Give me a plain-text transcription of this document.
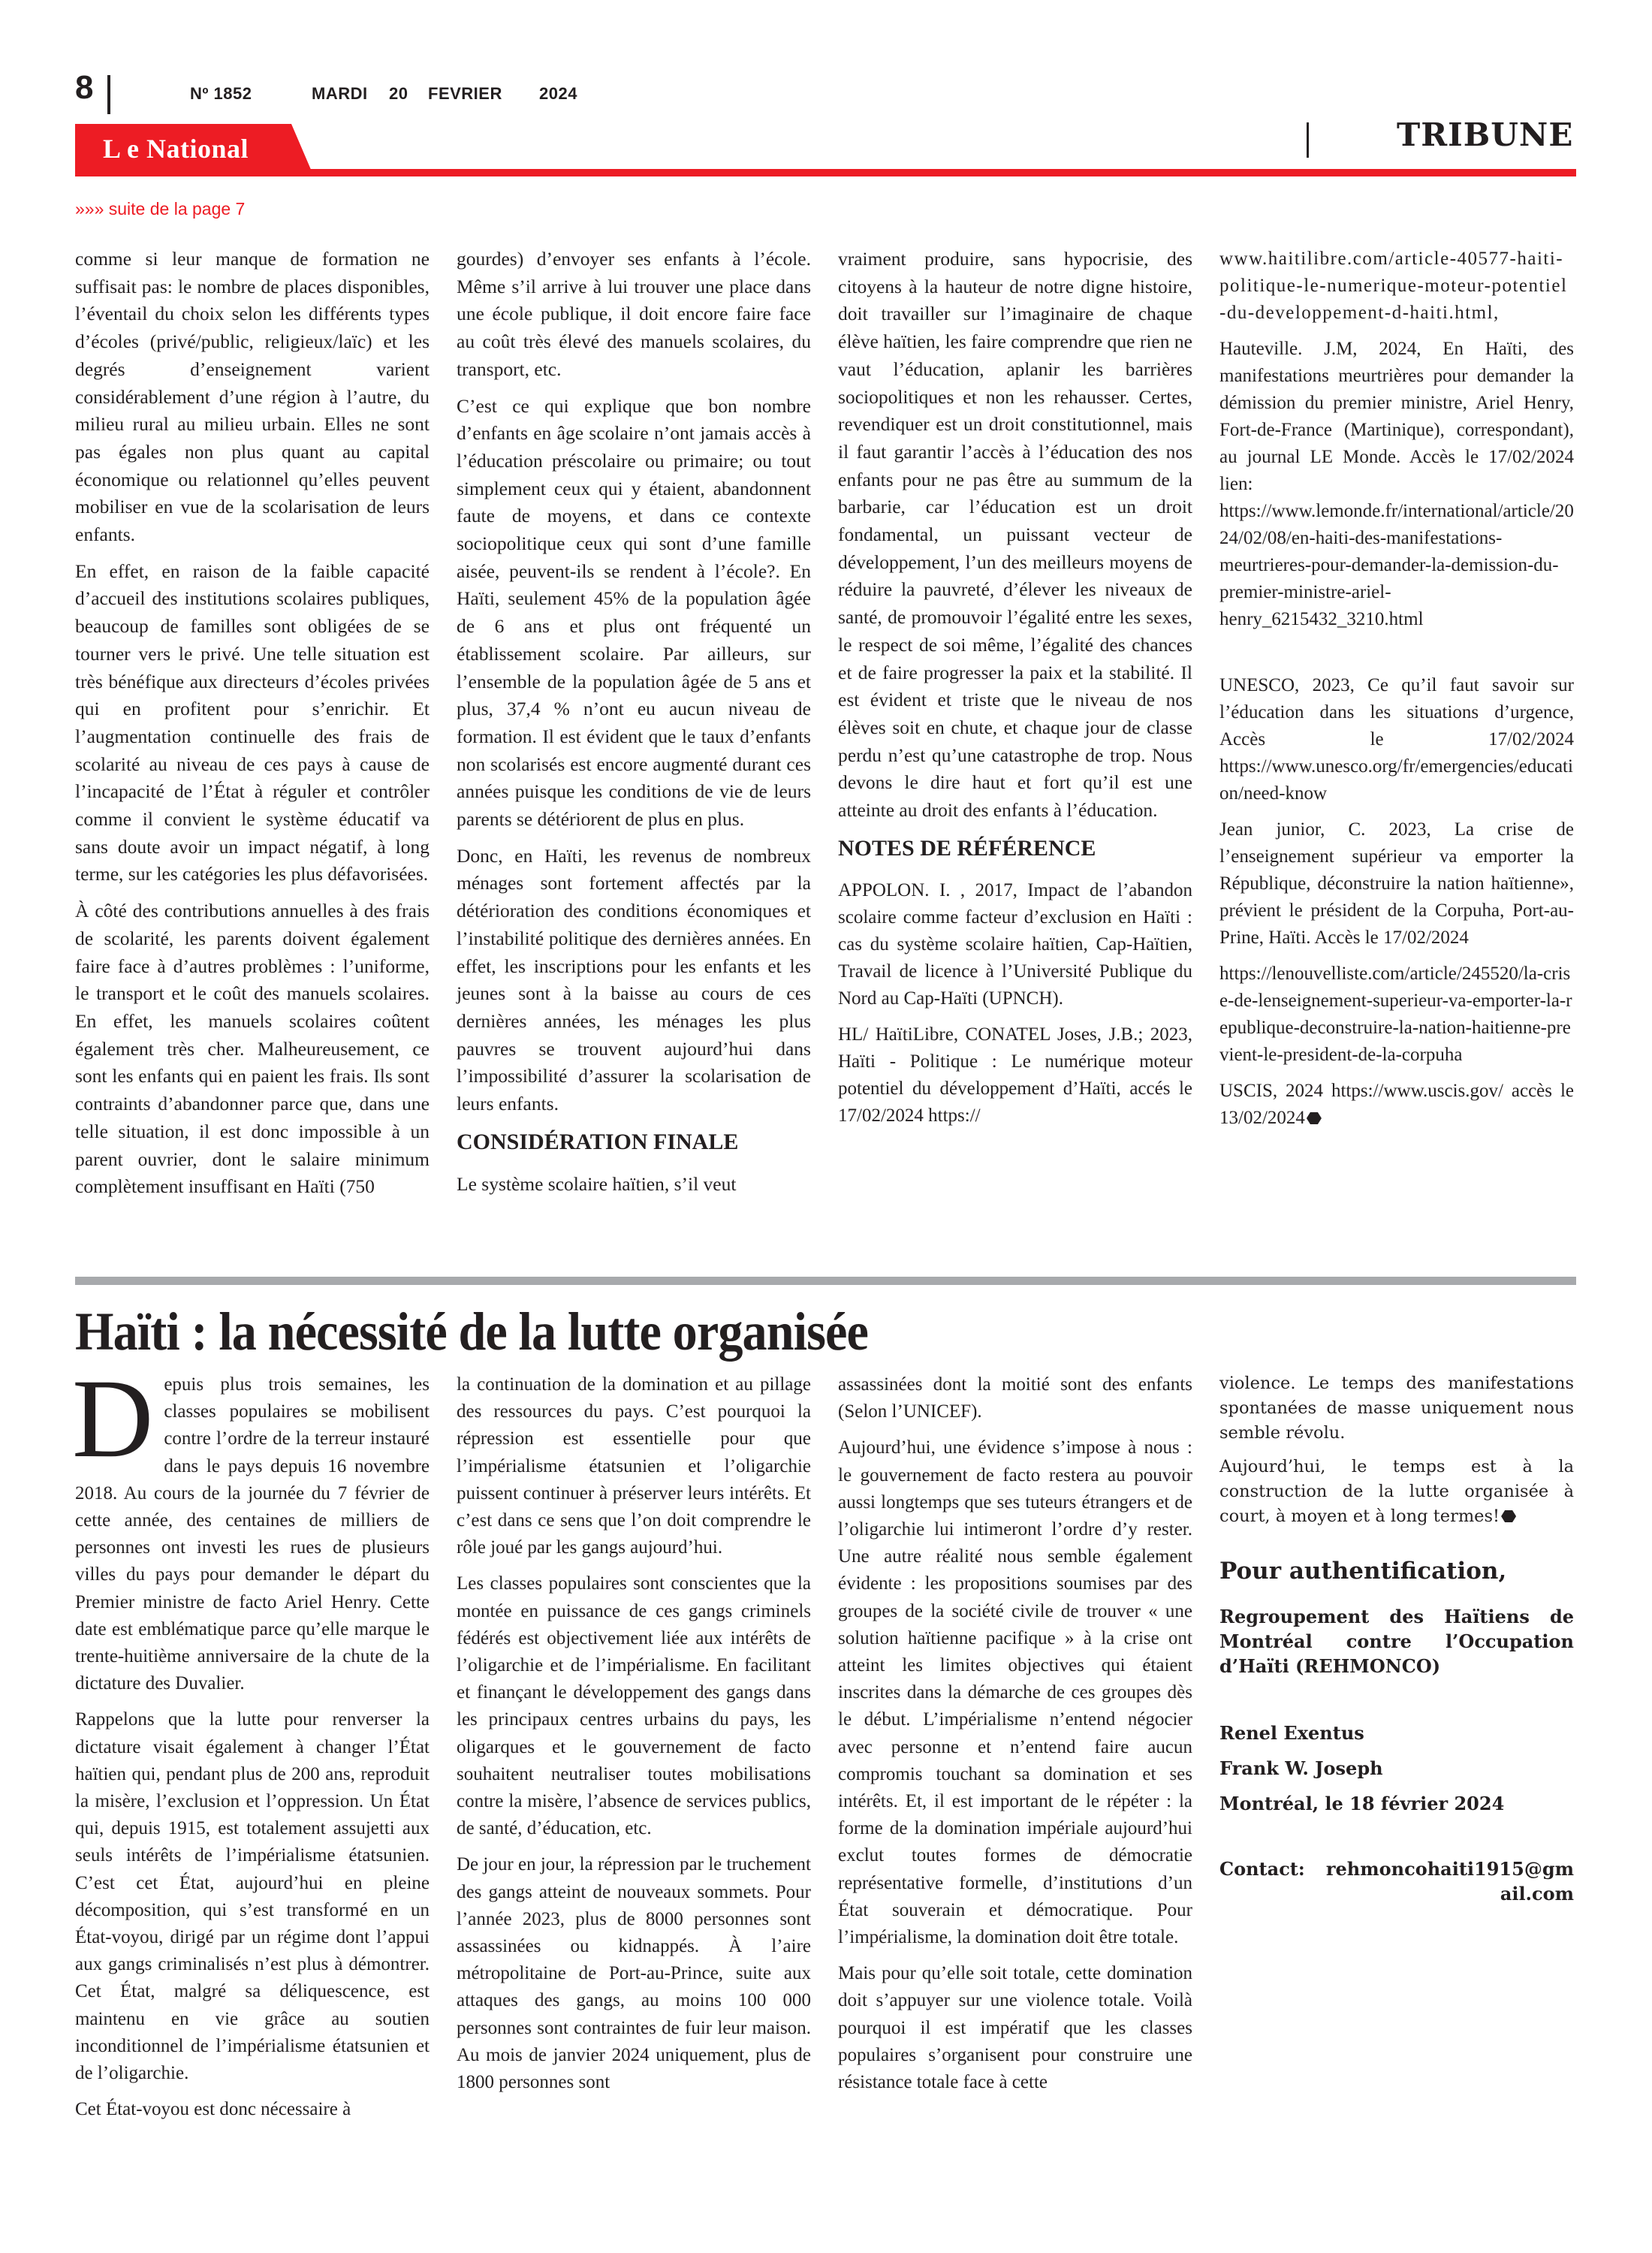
8	Nº 1852	MARDI 20 FEVRIER 2024
L e National	TRIBUNE
»»» suite de la page 7

comme si leur manque de formation ne suffisait pas: le nombre de places disponibles, l’éventail du choix selon les différents types d’écoles (privé/public, religieux/laïc) et les degrés d’enseignement varient considérablement d’une région à l’autre, du milieu rural au milieu urbain. Elles ne sont pas égales non plus quant au capital économique ou relationnel qu’elles peuvent mobiliser en vue de la scolarisation de leurs enfants.

En effet, en raison de la faible capacité d’accueil des institutions scolaires publiques, beaucoup de familles sont obligées de se tourner vers le privé. Une telle situation est très bénéfique aux directeurs d’écoles privées qui en profitent pour s’enrichir. Et l’augmentation continuelle des frais de scolarité au niveau de ces pays à cause de l’incapacité de l’État à réguler et contrôler comme il convient le système éducatif va sans doute avoir un impact négatif, à long terme, sur les catégories les plus défavorisées.

À côté des contributions annuelles à des frais de scolarité, les parents doivent également faire face à d’autres problèmes : l’uniforme, le transport et le coût des manuels scolaires. En effet, les manuels scolaires coûtent également très cher. Malheureusement, ce sont les enfants qui en paient les frais. Ils sont contraints d’abandonner parce que, dans une telle situation, il est donc impossible à un parent ouvrier, dont le salaire minimum complètement insuffisant en Haïti (750

gourdes) d’envoyer ses enfants à l’école. Même s’il arrive à lui trouver une place dans une école publique, il doit encore faire face au coût très élevé des manuels scolaires, du transport, etc.

C’est ce qui explique que bon nombre d’enfants en âge scolaire n’ont jamais accès à l’éducation préscolaire ou primaire; ou tout simplement ceux qui y étaient, abandonnent faute de moyens, et dans ce contexte sociopolitique ceux qui sont d’une famille aisée, peuvent-ils se rendent à l’école?. En Haïti, seulement 45% de la population âgée de 6 ans et plus ont fréquenté un établissement scolaire. Par ailleurs, sur l’ensemble de la population âgée de 5 ans et plus, 37,4 % n’ont eu aucun niveau de formation. Il est évident que le taux d’enfants non scolarisés est encore augmenté durant ces années puisque les conditions de vie de leurs parents se détériorent de plus en plus.

Donc, en Haïti, les revenus de nombreux ménages sont fortement affectés par la détérioration des conditions économiques et l’instabilité politique des dernières années. En effet, les inscriptions pour les enfants et les jeunes sont à la baisse au cours de ces dernières années, les ménages les plus pauvres se trouvent aujourd’hui dans l’impossibilité d’assurer la scolarisation de leurs enfants.

CONSIDÉRATION FINALE

Le système scolaire haïtien, s’il veut

vraiment produire, sans hypocrisie, des citoyens à la hauteur de notre digne histoire, doit travailler sur l’imaginaire de chaque élève haïtien, les faire comprendre que rien ne vaut l’éducation, aplanir les barrières sociopolitiques et non les rehausser. Certes, revendiquer est un droit constitutionnel, mais il faut garantir l’accès à l’éducation des nos enfants pour ne pas être au summum de la barbarie, car l’éducation est un droit fondamental, un puissant vecteur de développement, l’un des meilleurs moyens de réduire la pauvreté, d’élever les niveaux de santé, de promouvoir l’égalité entre les sexes, le respect de soi même, l’égalité des chances et de faire progresser la paix et la stabilité. Il est évident et triste que le niveau de nos élèves soit en chute, et chaque jour de classe perdu n’est qu’une catastrophe de trop. Nous devons le dire haut et fort qu’il est une atteinte au droit des enfants à l’éducation.

NOTES DE RÉFÉRENCE

APPOLON. I. , 2017, Impact de l’abandon scolaire comme facteur d’exclusion en Haïti : cas du système scolaire haïtien, Cap-Haïtien, Travail de licence à l’Université Publique du Nord au Cap-Haïti (UPNCH).

HL/ HaïtiLibre, CONATEL Joses, J.B.; 2023, Haïti - Politique : Le numérique moteur potentiel du développement d’Haïti, accés le 17/02/2024 https://

www.haitilibre.com/article-40577-haiti-politique-le-numerique-moteur-potentiel-du-developpement-d-haiti.html,

Hauteville. J.M, 2024, En Haïti, des manifestations meurtrières pour demander la démission du premier ministre, Ariel Henry, Fort-de-France (Martinique), correspondant), au journal LE Monde. Accès le 17/02/2024 lien: https://www.lemonde.fr/international/article/2024/02/08/en-haiti-des-manifestations-meurtrieres-pour-demander-la-demission-du-premier-ministre-ariel-henry_6215432_3210.html

UNESCO, 2023, Ce qu’il faut savoir sur l’éducation dans les situations d’urgence, Accès le 17/02/2024 https://www.unesco.org/fr/emergencies/education/need-know

Jean junior, C. 2023, La crise de l’enseignement supérieur va emporter la République, déconstruire la nation haïtienne», prévient le président de la Corpuha, Port-au-Prine, Haïti. Accès le 17/02/2024

https://lenouvelliste.com/article/245520/la-crise-de-lenseignement-superieur-va-emporter-la-republique-deconstruire-la-nation-haitienne-previent-le-president-de-la-corpuha

USCIS, 2024 https://www.uscis.gov/ accès le 13/02/2024

Haïti : la nécessité de la lutte organisée

Depuis plus trois semaines, les classes populaires se mobilisent contre l’ordre de la terreur instauré dans le pays depuis 16 novembre 2018. Au cours de la journée du 7 février de cette année, des centaines de milliers de personnes ont investi les rues de plusieurs villes du pays pour demander le départ du Premier ministre de facto Ariel Henry. Cette date est emblématique parce qu’elle marque le trente-huitième anniversaire de la chute de la dictature des Duvalier.

Rappelons que la lutte pour renverser la dictature visait également à changer l’État haïtien qui, pendant plus de 200 ans, reproduit la misère, l’exclusion et l’oppression. Un État qui, depuis 1915, est totalement assujetti aux seuls intérêts de l’impérialisme étatsunien. C’est cet État, aujourd’hui en pleine décomposition, qui s’est transformé en un État-voyou, dirigé par un régime dont l’appui aux gangs criminalisés n’est plus à démontrer. Cet État, malgré sa déliquescence, est maintenu en vie grâce au soutien inconditionnel de l’impérialisme étatsunien et de l’oligarchie.

Cet État-voyou est donc nécessaire à

la continuation de la domination et au pillage des ressources du pays. C’est pourquoi la répression est essentielle pour que l’impérialisme étatsunien et l’oligarchie puissent continuer à préserver leurs intérêts. Et c’est dans ce sens que l’on doit comprendre le rôle joué par les gangs aujourd’hui.

Les classes populaires sont conscientes que la montée en puissance de ces gangs criminels fédérés est objectivement liée aux intérêts de l’oligarchie et de l’impérialisme. En facilitant et finançant le développement des gangs dans les principaux centres urbains du pays, les oligarques et le gouvernement de facto souhaitent neutraliser toutes mobilisations contre la misère, l’absence de services publics, de santé, d’éducation, etc.

De jour en jour, la répression par le truchement des gangs atteint de nouveaux sommets. Pour l’année 2023, plus de 8000 personnes sont assassinées ou kidnappés. À l’aire métropolitaine de Port-au-Prince, suite aux attaques des gangs, au moins 100 000 personnes sont contraintes de fuir leur maison. Au mois de janvier 2024 uniquement, plus de 1800 personnes sont

assassinées dont la moitié sont des enfants (Selon l’UNICEF).

Aujourd’hui, une évidence s’impose à nous : le gouvernement de facto restera au pouvoir aussi longtemps que ses tuteurs étrangers et de l’oligarchie lui intimeront l’ordre d’y rester. Une autre réalité nous semble également évidente : les propositions soumises par des groupes de la société civile de trouver « une solution haïtienne pacifique » à la crise ont atteint les limites objectives qui étaient inscrites dans la démarche de ces groupes dès le début. L’impérialisme n’entend négocier avec personne et n’entend faire aucun compromis touchant sa domination et ses intérêts. Et, il est important de le répéter : la forme de la domination impériale aujourd’hui exclut toutes formes de démocratie représentative formelle, d’institutions d’un État souverain et démocratique. Pour l’impérialisme, la domination doit être totale.

Mais pour qu’elle soit totale, cette domination doit s’appuyer sur une violence totale. Voilà pourquoi il est impératif que les classes populaires s’organisent pour construire une résistance totale face à cette

violence. Le temps des manifestations spontanées de masse uniquement nous semble révolu.

Aujourd’hui, le temps est à la construction de la lutte organisée à court, à moyen et à long termes!

Pour authentification,
Regroupement des Haïtiens de Montréal contre l’Occupation d’Haïti (REHMONCO)
Renel Exentus
Frank W. Joseph
Montréal, le 18 février 2024
Contact:	rehmoncohaiti1915@gmail.com
